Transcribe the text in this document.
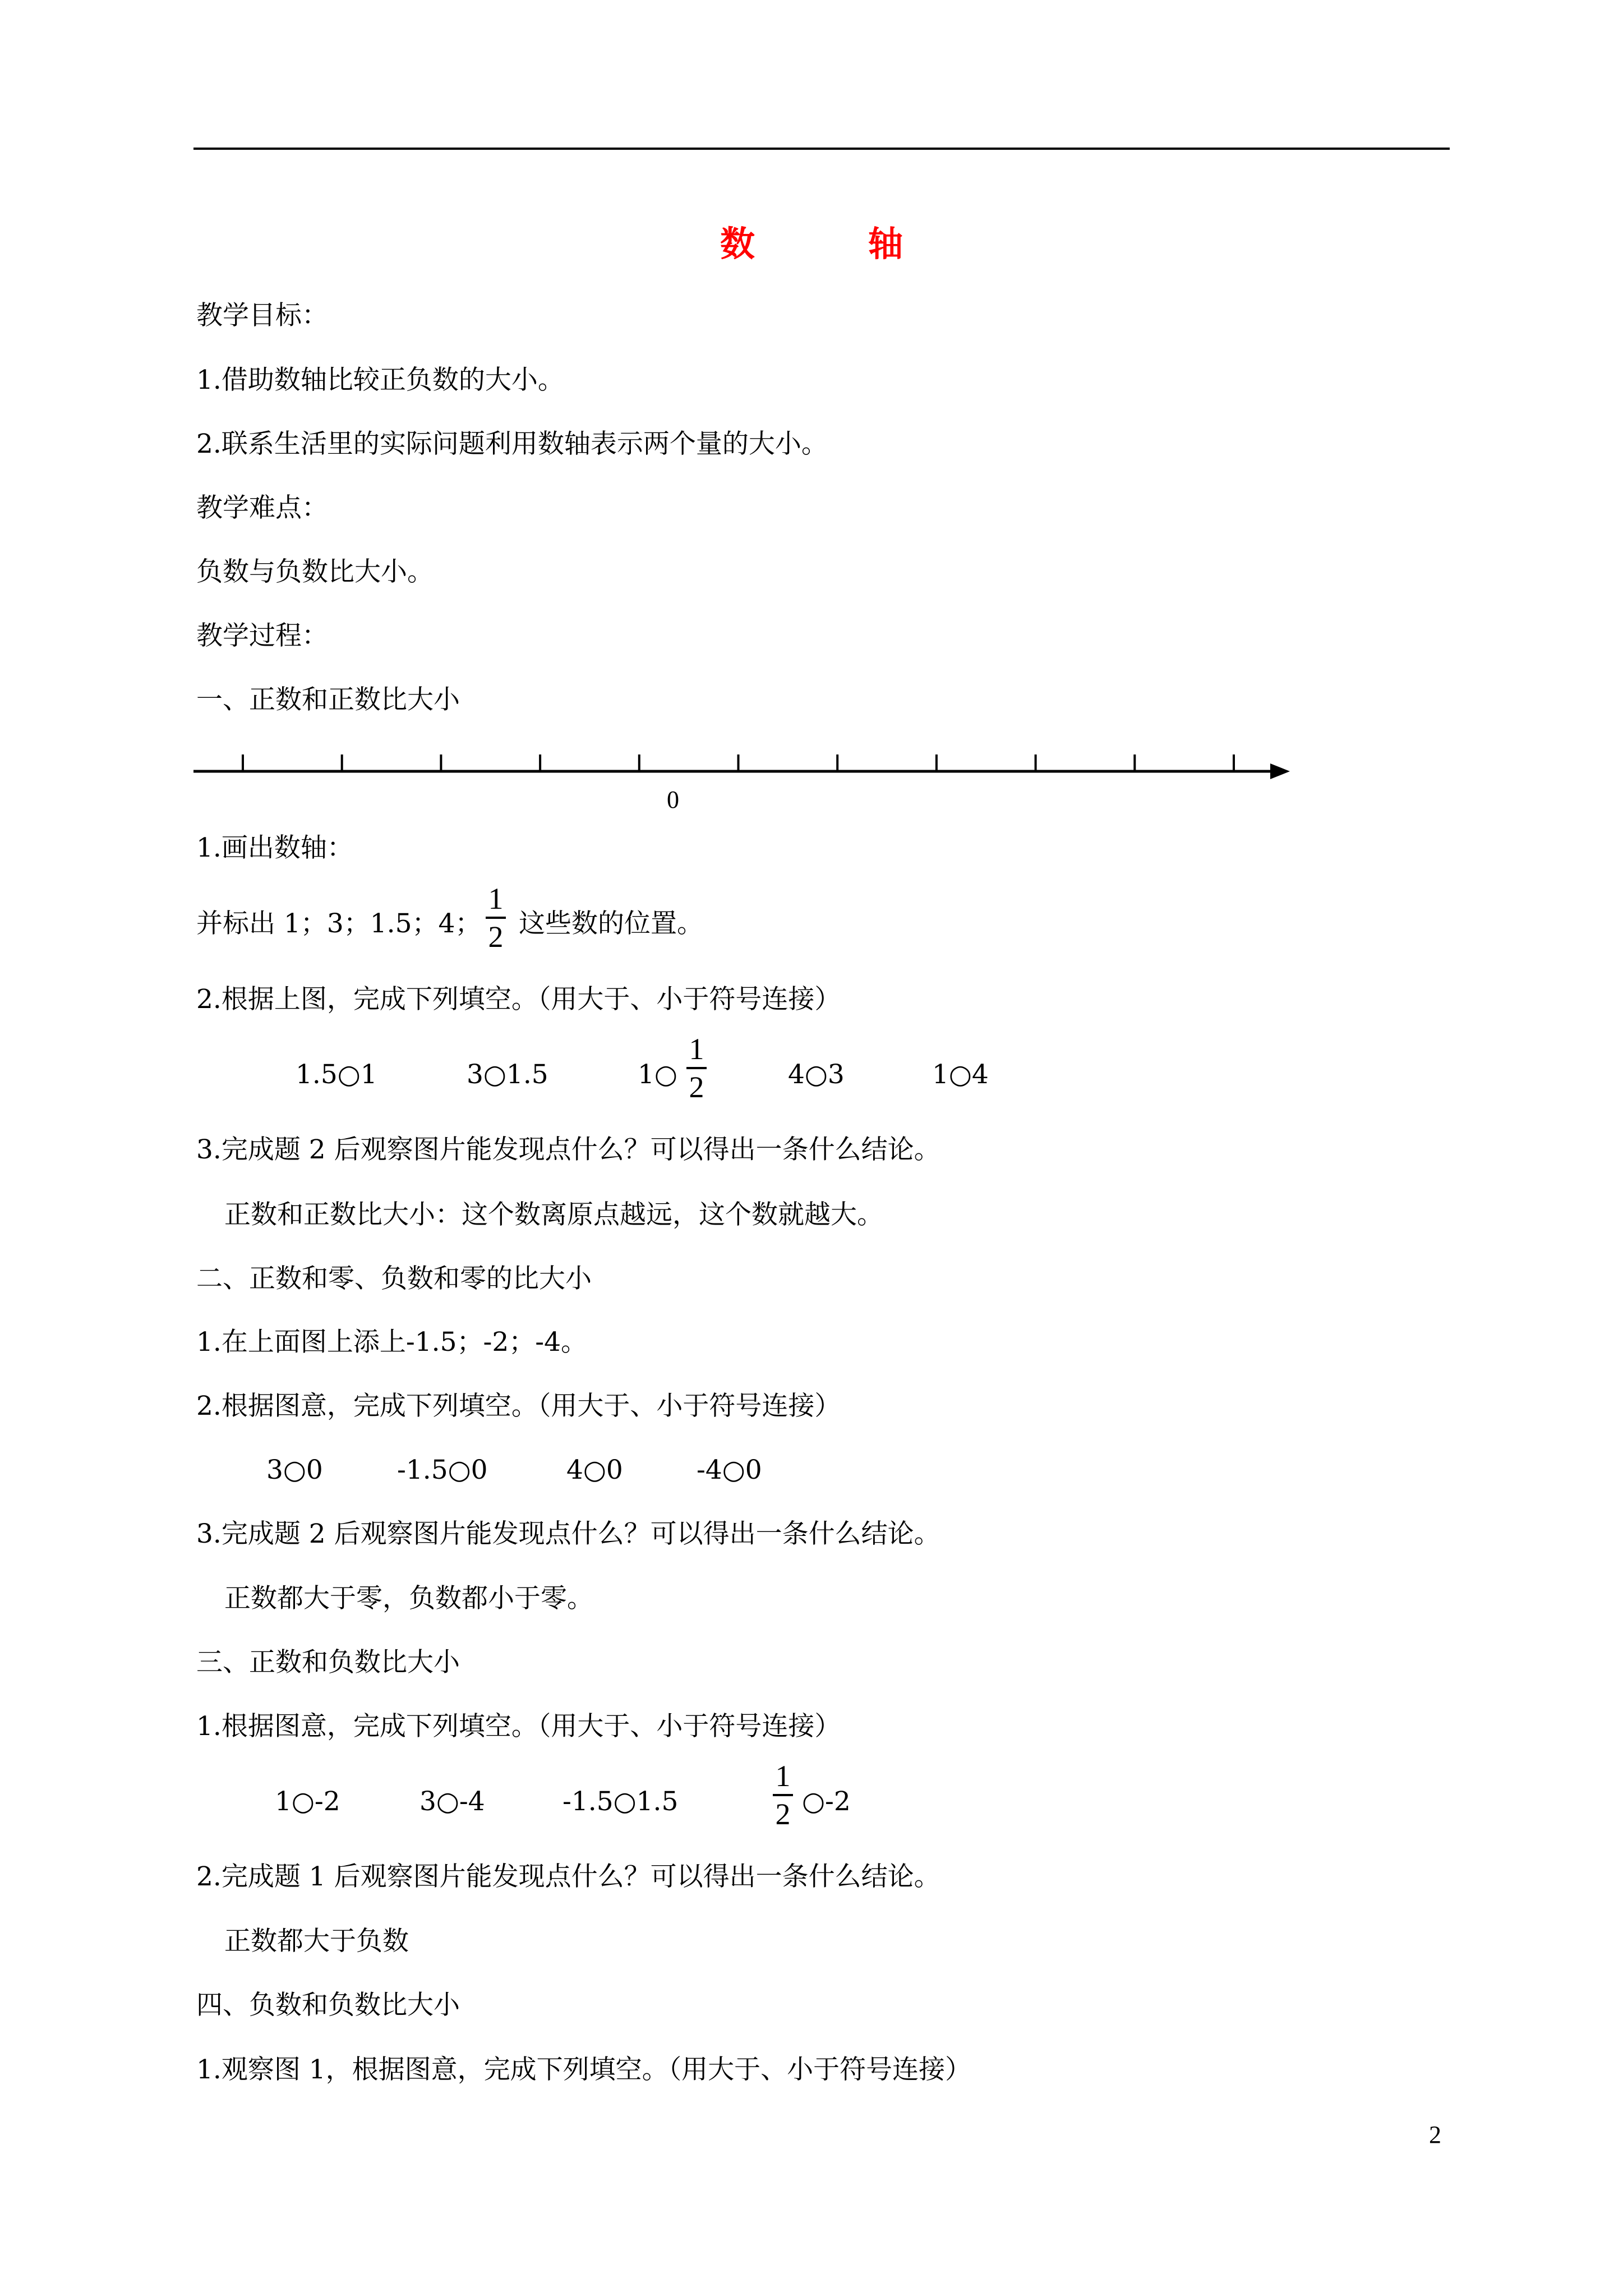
数　轴
教学目标：
1.借助数轴比较正负数的大小。
2.联系生活里的实际问题利用数轴表示两个量的大小。
教学难点：
负数与负数比大小。
教学过程：
一、正数和正数比大小
0
1.画出数轴：
并标出 1；3；1.5；4；
1
2 这些数的位置。
2.根据上图，完成下列填空。（用大于、小于符号连接）
1.5○1	3○1.5	1○
1
2	4○3	1○4
3.完成题 2 后观察图片能发现点什么？可以得出一条什么结论。
正数和正数比大小：这个数离原点越远，这个数就越大。
二、正数和零、负数和零的比大小
1.在上面图上添上-1.5；-2；-4。
2.根据图意，完成下列填空。（用大于、小于符号连接）
3○0	-1.5○0	4○0	-4○0
3.完成题 2 后观察图片能发现点什么？可以得出一条什么结论。
正数都大于零，负数都小于零。
三、正数和负数比大小
1.根据图意，完成下列填空。（用大于、小于符号连接）
1○-2	3○-4	-1.5○1.5
1
2 ○-2
2.完成题 1 后观察图片能发现点什么？可以得出一条什么结论。
正数都大于负数
四、负数和负数比大小
1.观察图 1，根据图意，完成下列填空。（用大于、小于符号连接）
2
